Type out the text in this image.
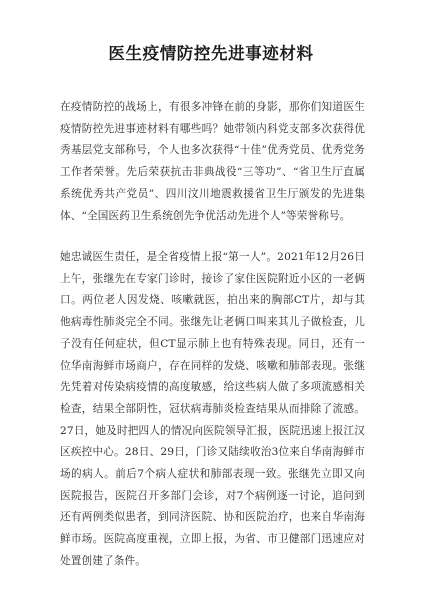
医生疫情防控先进事迹材料

在疫情防控的战场上，有很多冲锋在前的身影，那你们知道医生疫情防控先进事迹材料有哪些吗？她带领内科党支部多次获得优秀基层党支部称号，个人也多次获得“十佳”优秀党员、优秀党务工作者荣誉。先后荣获抗击非典战役“三等功”、“省卫生厅直属系统优秀共产党员”、四川汶川地震救援省卫生厅颁发的先进集体、“全国医药卫生系统创先争优活动先进个人”等荣誉称号。

她忠诚医生责任，是全省疫情上报“第一人”。2021年12月26日上午，张继先在专家门诊时，接诊了家住医院附近小区的一老俩口。两位老人因发烧、咳嗽就医，拍出来的胸部CT片，却与其他病毒性肺炎完全不同。张继先让老俩口叫来其儿子做检查，儿子没有任何症状，但CT显示肺上也有特殊表现。同日，还有一位华南海鲜市场商户，存在同样的发烧、咳嗽和肺部表现。张继先凭着对传染病疫情的高度敏感，给这些病人做了多项流感相关检查，结果全部阴性，冠状病毒肺炎检查结果从而排除了流感。27日，她及时把四人的情况向医院领导汇报，医院迅速上报江汉区疾控中心。28日、29日，门诊又陆续收治3位来自华南海鲜市场的病人。前后7个病人症状和肺部表现一致。张继先立即又向医院报告，医院召开多部门会诊，对7个病例逐一讨论，追问到还有两例类似患者，到同济医院、协和医院治疗，也来自华南海鲜市场。医院高度重视，立即上报，为省、市卫健部门迅速应对处置创建了条件。
